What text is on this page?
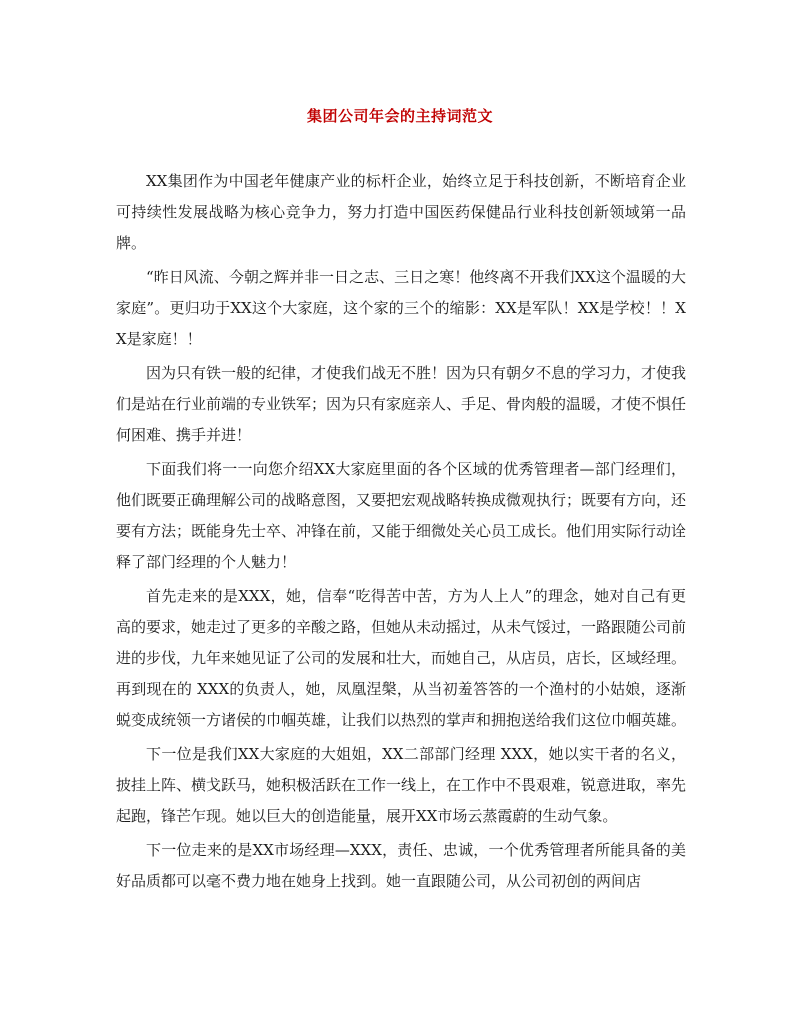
集团公司年会的主持词范文

XX集团作为中国老年健康产业的标杆企业，始终立足于科技创新，不断培育企业可持续性发展战略为核心竞争力，努力打造中国医药保健品行业科技创新领域第一品牌。

“昨日风流、今朝之辉并非一日之志、三日之寒！他终离不开我们XX这个温暖的大家庭”。更归功于XX这个大家庭，这个家的三个的缩影：XX是军队！XX是学校！！XX是家庭！！

因为只有铁一般的纪律，才使我们战无不胜！因为只有朝夕不息的学习力，才使我们是站在行业前端的专业铁军；因为只有家庭亲人、手足、骨肉般的温暖，才使不惧任何困难、携手并进！

下面我们将一一向您介绍XX大家庭里面的各个区域的优秀管理者—部门经理们，他们既要正确理解公司的战略意图，又要把宏观战略转换成微观执行；既要有方向，还要有方法；既能身先士卒、冲锋在前，又能于细微处关心员工成长。他们用实际行动诠释了部门经理的个人魅力！

首先走来的是XXX，她，信奉“吃得苦中苦，方为人上人”的理念，她对自己有更高的要求，她走过了更多的辛酸之路，但她从未动摇过，从未气馁过，一路跟随公司前进的步伐，九年来她见证了公司的发展和壮大，而她自己，从店员，店长，区域经理。再到现在的 XXX的负责人，她，凤凰涅槃，从当初羞答答的一个渔村的小姑娘，逐渐蜕变成统领一方诸侯的巾帼英雄，让我们以热烈的掌声和拥抱送给我们这位巾帼英雄。

下一位是我们XX大家庭的大姐姐，XX二部部门经理 XXX，她以实干者的名义，披挂上阵、横戈跃马，她积极活跃在工作一线上，在工作中不畏艰难，锐意进取，率先起跑，锋芒乍现。她以巨大的创造能量，展开XX市场云蒸霞蔚的生动气象。

下一位走来的是XX市场经理—XXX，责任、忠诚，一个优秀管理者所能具备的美好品质都可以毫不费力地在她身上找到。她一直跟随公司，从公司初创的两间店
